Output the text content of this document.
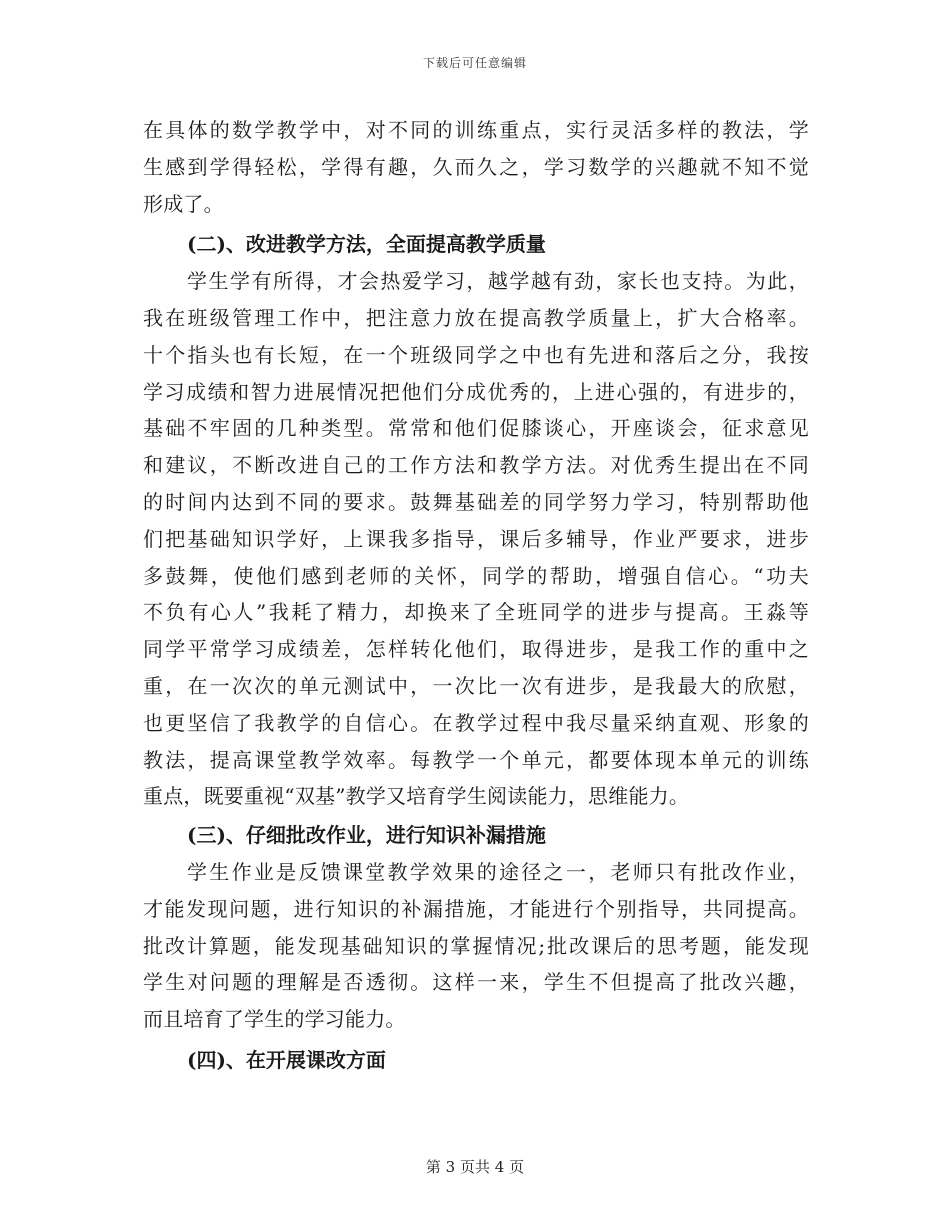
下载后可任意编辑
在具体的数学教学中，对不同的训练重点，实行灵活多样的教法，学
生感到学得轻松，学得有趣，久而久之，学习数学的兴趣就不知不觉
形成了。
(二)、改进教学方法，全面提高教学质量
学生学有所得，才会热爱学习，越学越有劲，家长也支持。为此，
我在班级管理工作中，把注意力放在提高教学质量上，扩大合格率。
十个指头也有长短，在一个班级同学之中也有先进和落后之分，我按
学习成绩和智力进展情况把他们分成优秀的，上进心强的，有进步的，
基础不牢固的几种类型。常常和他们促膝谈心，开座谈会，征求意见
和建议，不断改进自己的工作方法和教学方法。对优秀生提出在不同
的时间内达到不同的要求。鼓舞基础差的同学努力学习，特别帮助他
们把基础知识学好，上课我多指导，课后多辅导，作业严要求，进步
多鼓舞，使他们感到老师的关怀，同学的帮助，增强自信心。“功夫
不负有心人”我耗了精力，却换来了全班同学的进步与提高。王淼等
同学平常学习成绩差，怎样转化他们，取得进步，是我工作的重中之
重，在一次次的单元测试中，一次比一次有进步，是我最大的欣慰，
也更坚信了我教学的自信心。在教学过程中我尽量采纳直观、形象的
教法，提高课堂教学效率。每教学一个单元，都要体现本单元的训练
重点，既要重视“双基”教学又培育学生阅读能力，思维能力。
(三)、仔细批改作业，进行知识补漏措施
学生作业是反馈课堂教学效果的途径之一，老师只有批改作业，
才能发现问题，进行知识的补漏措施，才能进行个别指导，共同提高。
批改计算题，能发现基础知识的掌握情况;批改课后的思考题，能发现
学生对问题的理解是否透彻。这样一来，学生不但提高了批改兴趣，
而且培育了学生的学习能力。
(四)、在开展课改方面
第 3 页共 4 页
